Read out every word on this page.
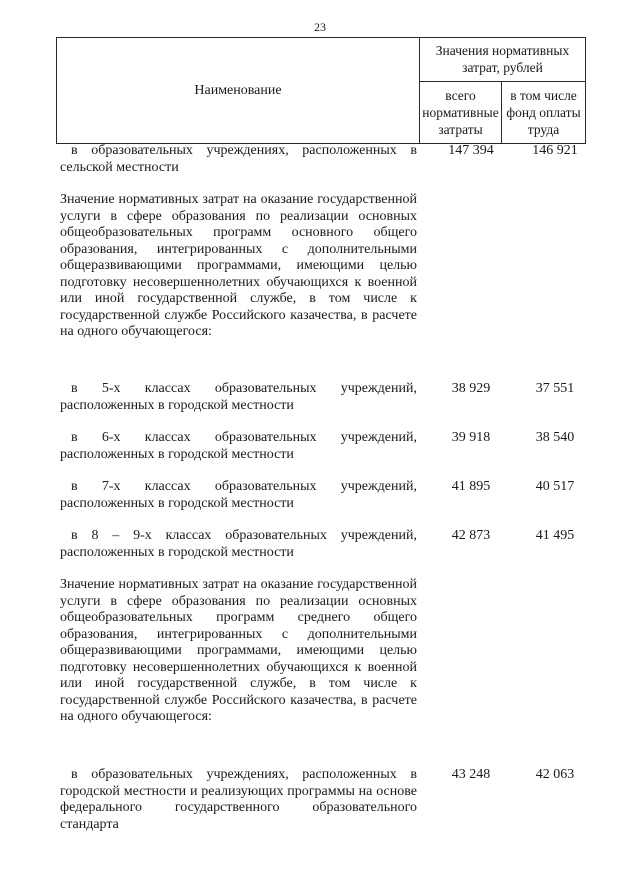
23
Наименование
Значения нормативных затрат, рублей
всего нормативные затраты
в том числе фонд оплаты труда
в образовательных учреждениях, расположенных в сельской местности
147 394	146 921
Значение нормативных затрат на оказание государственной услуги в сфере образования по реализации основных общеобразовательных программ основного общего образования, интегрированных с дополнительными общеразвивающими программами, имеющими целью подготовку несовершеннолетних обучающихся к военной или иной государственной службе, в том числе к государственной службе Российского казачества, в расчете на одного обучающегося:
в 5-х классах образовательных учреждений, расположенных в городской местности
38 929	37 551
в 6-х классах образовательных учреждений, расположенных в городской местности
39 918	38 540
в 7-х классах образовательных учреждений, расположенных в городской местности
41 895	40 517
в 8 – 9-х классах образовательных учреждений, расположенных в городской местности
42 873	41 495
Значение нормативных затрат на оказание государственной услуги в сфере образования по реализации основных общеобразовательных программ среднего общего образования, интегрированных с дополнительными общеразвивающими программами, имеющими целью подготовку несовершеннолетних обучающихся к военной или иной государственной службе, в том числе к государственной службе Российского казачества, в расчете на одного обучающегося:
в образовательных учреждениях, расположенных в городской местности и реализующих программы на основе федерального государственного образовательного стандарта
43 248	42 063
